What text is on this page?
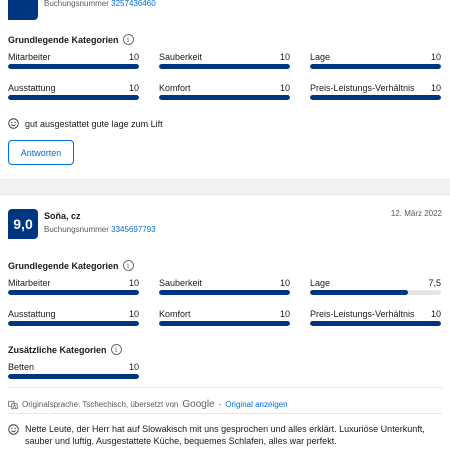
Buchungsnummer 3257436460
Grundlegende Kategorien	i
Mitarbeiter	10 Sauberkeit	10 Lage	10
Ausstattung	10 Komfort	10 Preis-Leistungs-Verhältnis	10
gut ausgestattet gute lage zum Lift
Antworten
9,0	Soňa, cz	12. März 2022
Buchungsnummer 3345697793
Grundlegende Kategorien	i
Mitarbeiter	10 Sauberkeit	10 Lage	7,5
Ausstattung	10 Komfort	10 Preis-Leistungs-Verhältnis	10
Zusätzliche Kategorien	i
Betten	10
Originalsprache: Tschechisch, übersetzt von Google - Original anzeigen
Nette Leute, der Herr hat auf Slowakisch mit uns gesprochen und alles erklärt. Luxuriöse Unterkunft, sauber und luftig. Ausgestattete Küche, bequemes Schlafen, alles war perfekt.
